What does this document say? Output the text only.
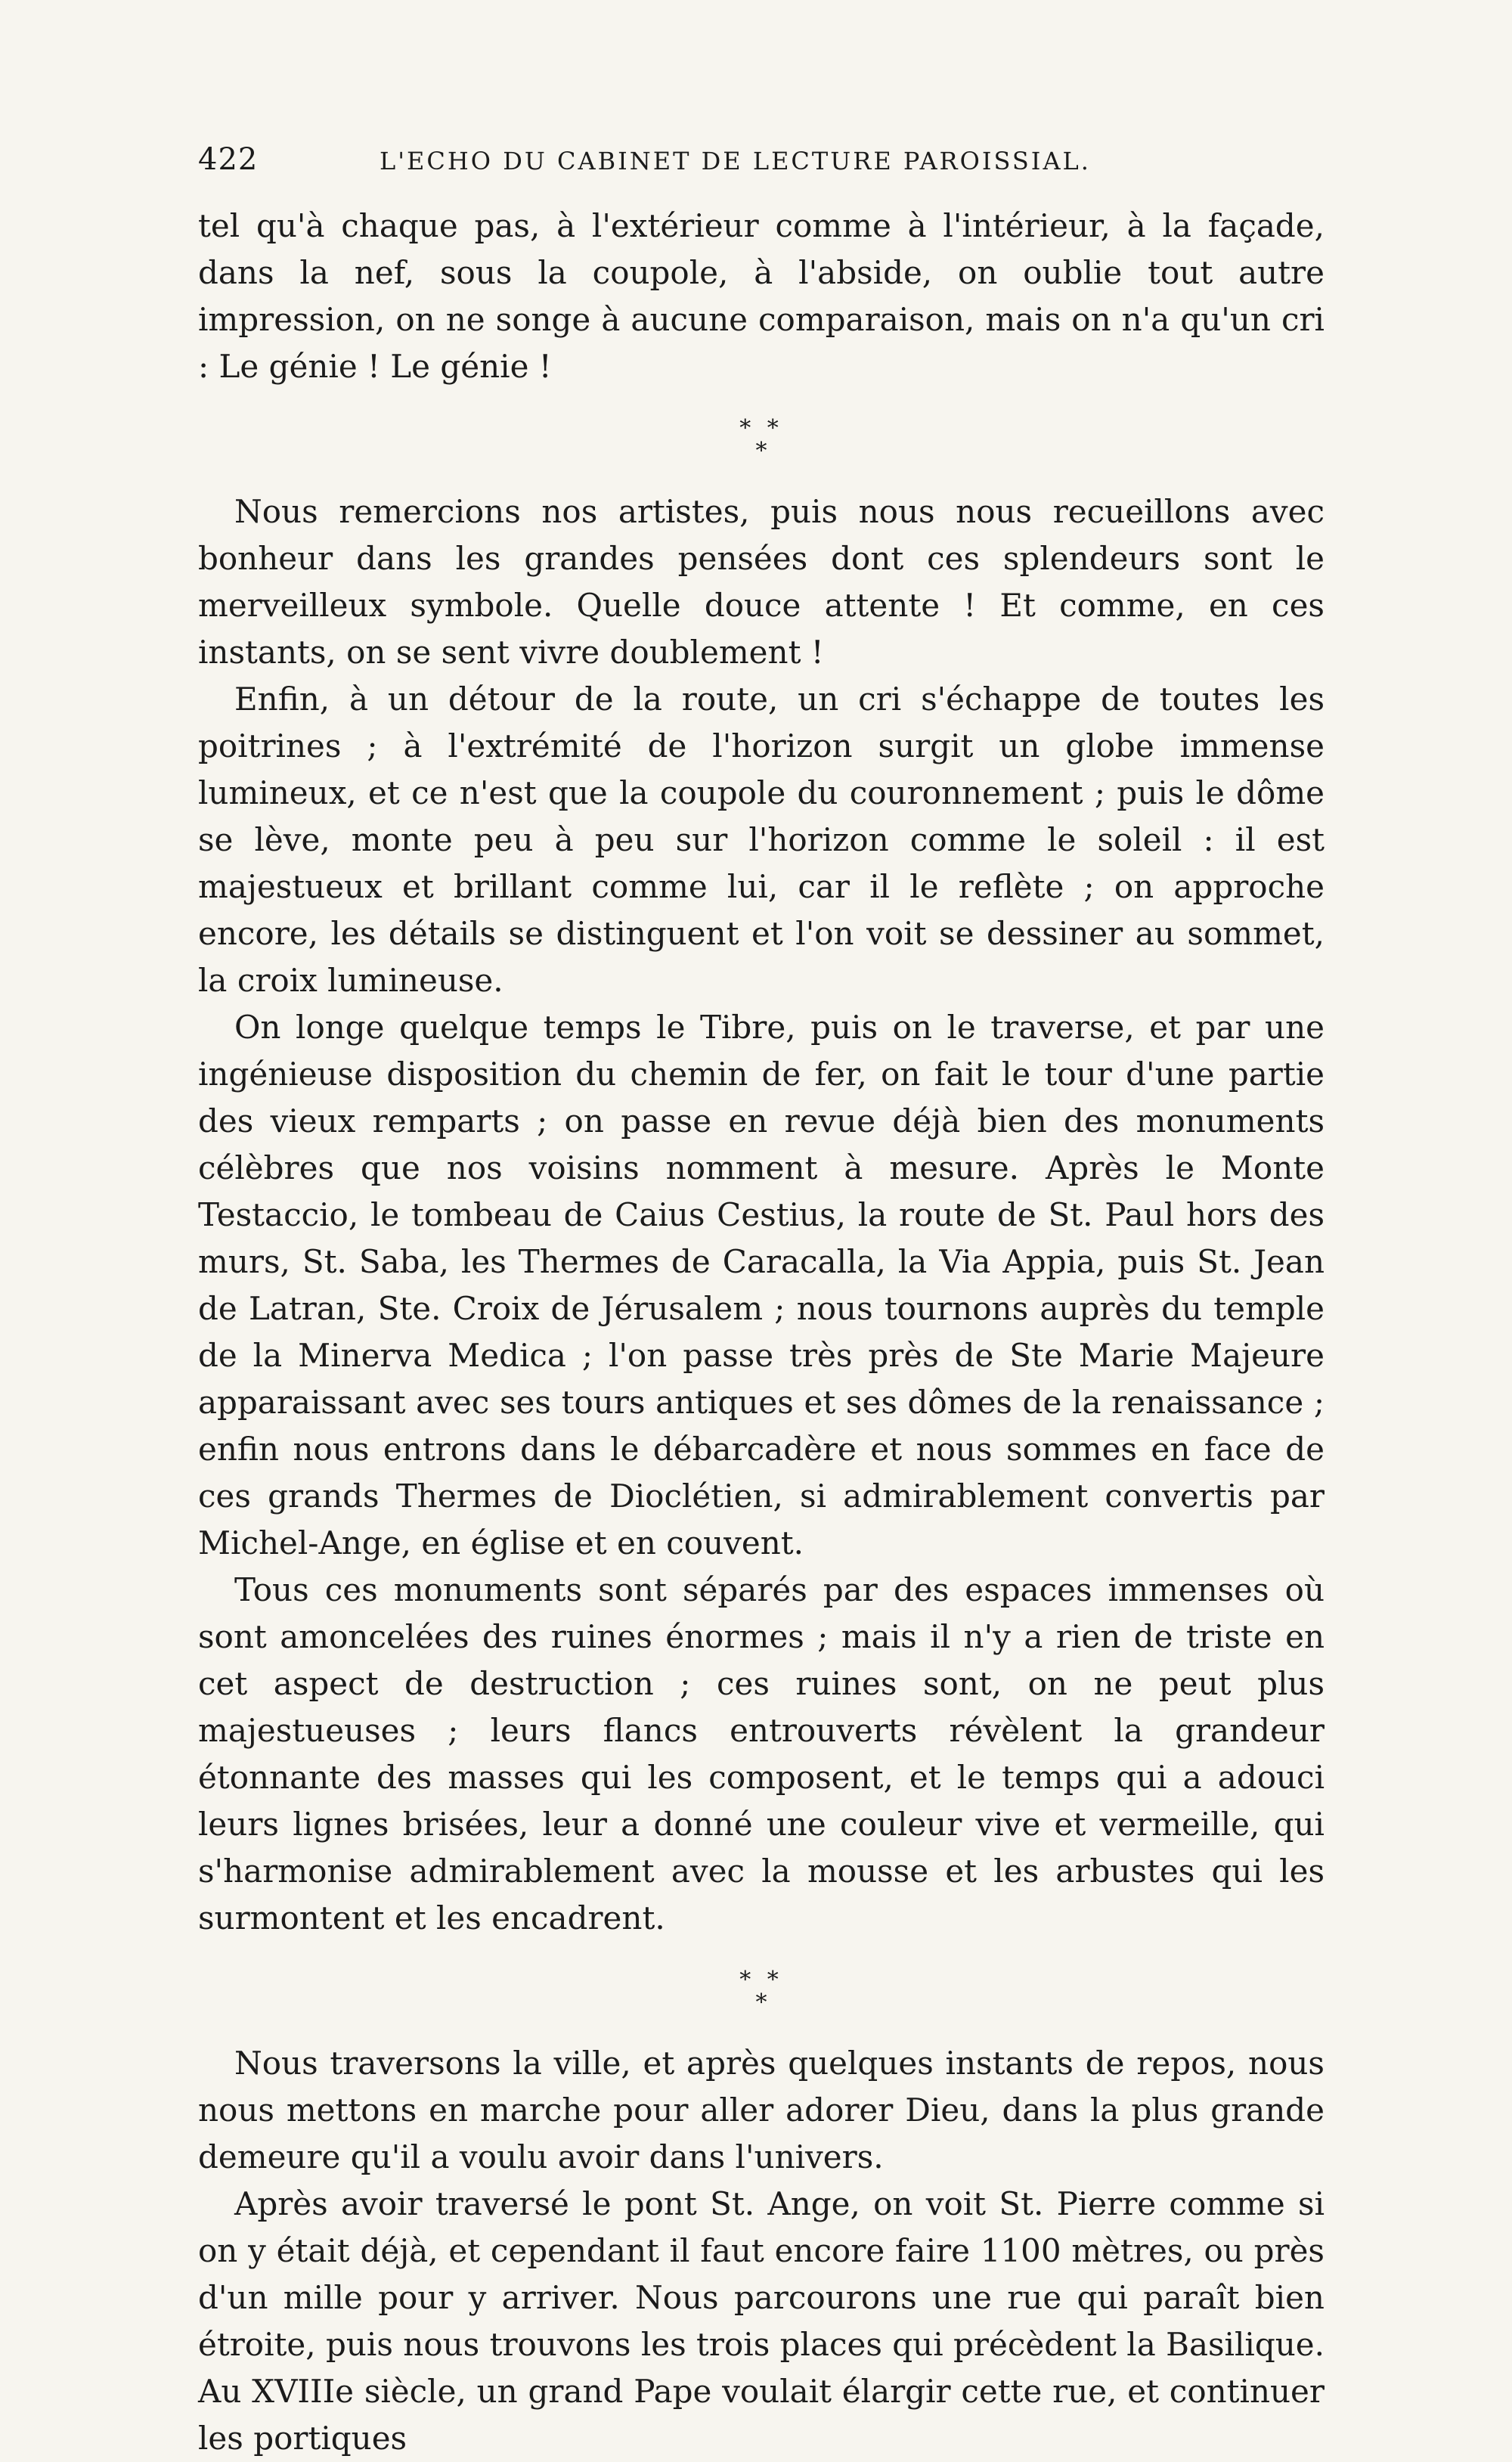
422	L'ECHO DU CABINET DE LECTURE PAROISSIAL.

tel qu'à chaque pas, à l'extérieur comme à l'intérieur, à la façade, dans la nef, sous la coupole, à l'abside, on oublie tout autre impression, on ne songe à aucune comparaison, mais on n'a qu'un cri : Le génie ! Le génie !

* *
*

Nous remercions nos artistes, puis nous nous recueillons avec bonheur dans les grandes pensées dont ces splendeurs sont le merveilleux symbole. Quelle douce attente ! Et comme, en ces instants, on se sent vivre doublement !

Enfin, à un détour de la route, un cri s'échappe de toutes les poitrines ; à l'extrémité de l'horizon surgit un globe immense lumineux, et ce n'est que la coupole du couronnement ; puis le dôme se lève, monte peu à peu sur l'horizon comme le soleil : il est majestueux et brillant comme lui, car il le reflète ; on approche encore, les détails se distinguent et l'on voit se dessiner au sommet, la croix lumineuse.

On longe quelque temps le Tibre, puis on le traverse, et par une ingénieuse disposition du chemin de fer, on fait le tour d'une partie des vieux remparts ; on passe en revue déjà bien des monuments célèbres que nos voisins nomment à mesure. Après le Monte Testaccio, le tombeau de Caius Cestius, la route de St. Paul hors des murs, St. Saba, les Thermes de Caracalla, la Via Appia, puis St. Jean de Latran, Ste. Croix de Jérusalem ; nous tournons auprès du temple de la Minerva Medica ; l'on passe très près de Ste Marie Majeure apparaissant avec ses tours antiques et ses dômes de la renaissance ; enfin nous entrons dans le débarcadère et nous sommes en face de ces grands Thermes de Dioclétien, si admirablement convertis par Michel-Ange, en église et en couvent.

Tous ces monuments sont séparés par des espaces immenses où sont amoncelées des ruines énormes ; mais il n'y a rien de triste en cet aspect de destruction ; ces ruines sont, on ne peut plus majestueuses ; leurs flancs entrouverts révèlent la grandeur étonnante des masses qui les composent, et le temps qui a adouci leurs lignes brisées, leur a donné une couleur vive et vermeille, qui s'harmonise admirablement avec la mousse et les arbustes qui les surmontent et les encadrent.

* *
*

Nous traversons la ville, et après quelques instants de repos, nous nous mettons en marche pour aller adorer Dieu, dans la plus grande demeure qu'il a voulu avoir dans l'univers.

Après avoir traversé le pont St. Ange, on voit St. Pierre comme si on y était déjà, et cependant il faut encore faire 1100 mètres, ou près d'un mille pour y arriver. Nous parcourons une rue qui paraît bien étroite, puis nous trouvons les trois places qui précèdent la Basilique. Au XVIIIe siècle, un grand Pape voulait élargir cette rue, et continuer les portiques
